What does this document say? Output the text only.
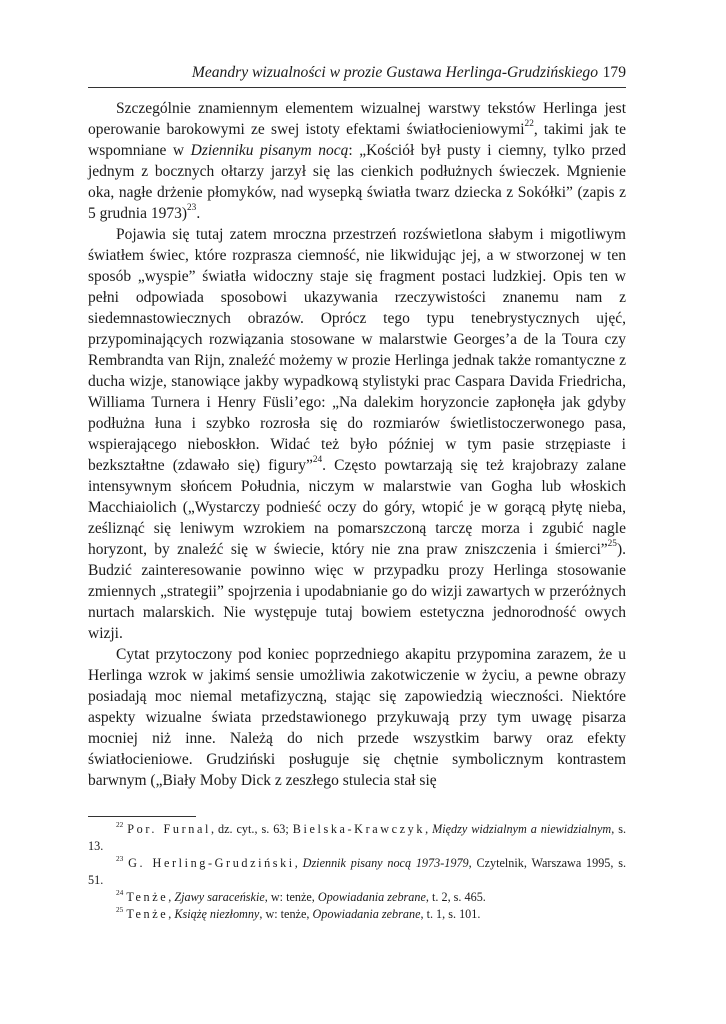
Meandry wizualności w prozie Gustawa Herlinga-Grudzińskiego 179

Szczególnie znamiennym elementem wizualnej warstwy tekstów Herlinga jest operowanie barokowymi ze swej istoty efektami światłocieniowymi$^{22}$, takimi jak te wspomniane w Dzienniku pisanym nocą: „Kościół był pusty i ciemny, tylko przed jednym z bocznych ołtarzy jarzył się las cienkich podłużnych świeczek. Mgnienie oka, nagłe drżenie płomyków, nad wysepką światła twarz dziecka z Sokółki” (zapis z 5 grudnia 1973)$^{23}$.

Pojawia się tutaj zatem mroczna przestrzeń rozświetlona słabym i migotliwym światłem świec, które rozprasza ciemność, nie likwidując jej, a w stworzonej w ten sposób „wyspie” światła widoczny staje się fragment postaci ludzkiej. Opis ten w pełni odpowiada sposobowi ukazywania rzeczywistości znanemu nam z siedemnastowiecznych obrazów. Oprócz tego typu tenebrystycznych ujęć, przypominających rozwiązania stosowane w malarstwie Georges’a de la Toura czy Rembrandta van Rijn, znaleźć możemy w prozie Herlinga jednak także romantyczne z ducha wizje, stanowiące jakby wypadkową stylistyki prac Caspara Davida Friedricha, Williama Turnera i Henry Füsli’ego: „Na dalekim horyzoncie zapłonęła jak gdyby podłużna łuna i szybko rozrosła się do rozmiarów świetlistoczerwonego pasa, wspierającego nieboskłon. Widać też było później w tym pasie strzępiaste i bezkształtne (zdawało się) figury”$^{24}$. Często powtarzają się też krajobrazy zalane intensywnym słońcem Południa, niczym w malarstwie van Gogha lub włoskich Macchiaiolich („Wystarczy podnieść oczy do góry, wtopić je w gorącą płytę nieba, ześliznąć się leniwym wzrokiem na pomarszczoną tarczę morza i zgubić nagle horyzont, by znaleźć się w świecie, który nie zna praw zniszczenia i śmierci”$^{25}$). Budzić zainteresowanie powinno więc w przypadku prozy Herlinga stosowanie zmiennych „strategii” spojrzenia i upodabnianie go do wizji zawartych w przeróżnych nurtach malarskich. Nie występuje tutaj bowiem estetyczna jednorodność owych wizji.

Cytat przytoczony pod koniec poprzedniego akapitu przypomina zarazem, że u Herlinga wzrok w jakimś sensie umożliwia zakotwiczenie w życiu, a pewne obrazy posiadają moc niemal metafizyczną, stając się zapowiedzią wieczności. Niektóre aspekty wizualne świata przedstawionego przykuwają przy tym uwagę pisarza mocniej niż inne. Należą do nich przede wszystkim barwy oraz efekty światłocieniowe. Grudziński posługuje się chętnie symbolicznym kontrastem barwnym („Biały Moby Dick z zeszłego stulecia stał się

$^{22}$ Por. Furnal, dz. cyt., s. 63; Bielska-Krawczyk, Między widzialnym a niewidzialnym, s. 13.

$^{23}$ G. Herling-Grudziński, Dziennik pisany nocą 1973-1979, Czytelnik, Warszawa 1995, s. 51.

$^{24}$ Tenże, Zjawy saraceńskie, w: tenże, Opowiadania zebrane, t. 2, s. 465.

$^{25}$ Tenże, Książę niezłomny, w: tenże, Opowiadania zebrane, t. 1, s. 101.
